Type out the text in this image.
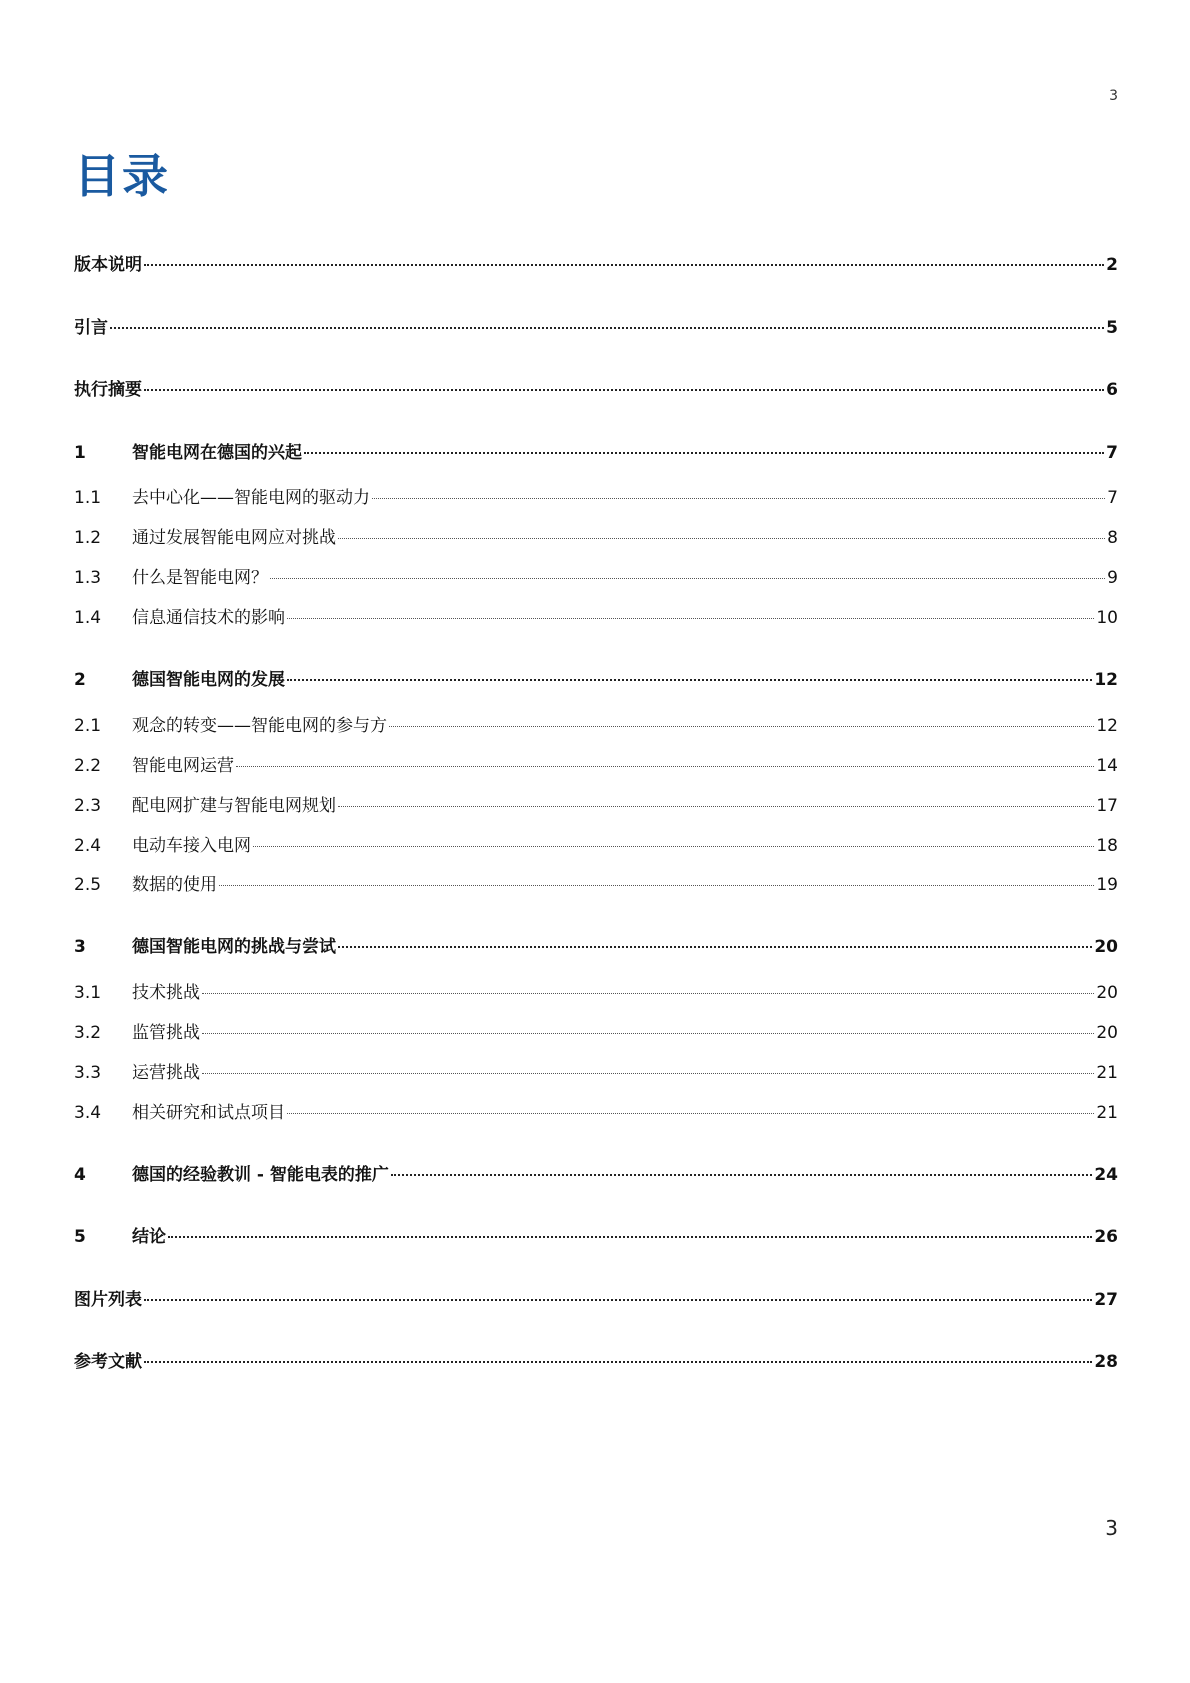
3
目录
版本说明	2
引言	5
执行摘要	6
1	智能电网在德国的兴起	7
1.1	去中心化——智能电网的驱动力	7
1.2	通过发展智能电网应对挑战	8
1.3	什么是智能电网？	9
1.4	信息通信技术的影响	10
2	德国智能电网的发展	12
2.1	观念的转变——智能电网的参与方	12
2.2	智能电网运营	14
2.3	配电网扩建与智能电网规划	17
2.4	电动车接入电网	18
2.5	数据的使用	19
3	德国智能电网的挑战与尝试	20
3.1	技术挑战	20
3.2	监管挑战	20
3.3	运营挑战	21
3.4	相关研究和试点项目	21
4	德国的经验教训 - 智能电表的推广	24
5	结论	26
图片列表	27
参考文献	28
3
